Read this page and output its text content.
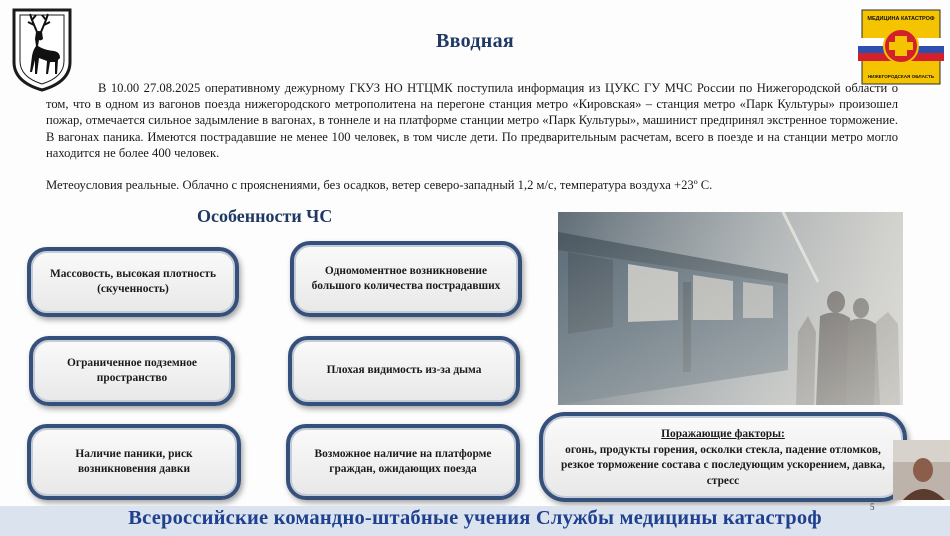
МЕДИЦИНА КАТАСТРОФ
НИЖЕГОРОДСКАЯ ОБЛАСТЬ
Вводная

В 10.00 27.08.2025 оперативному дежурному ГКУЗ НО НТЦМК поступила информация из ЦУКС ГУ МЧС России по Нижегородской области о том, что в одном из вагонов поезда нижегородского метрополитена на перегоне станция метро «Кировская» – станция метро «Парк Культуры» произошел пожар, отмечается сильное задымление в вагонах, в тоннеле и на платформе станции метро «Парк Культуры», машинист предпринял экстренное торможение. В вагонах паника. Имеются пострадавшие не менее 100 человек, в том числе дети. По предварительным расчетам, всего в поезде и на станции метро могло находится не более 400 человек.

Метеоусловия реальные. Облачно с прояснениями, без осадков, ветер северо-западный 1,2 м/с, температура воздуха +23º С.

Особенности ЧС
Массовость, высокая плотность (скученность)
Одномоментное возникновение большого количества пострадавших
Ограниченное подземное пространство
Плохая видимость из-за дыма
Наличие паники, риск возникновения давки
Возможное наличие на платформе граждан, ожидающих поезда
Поражающие факторы:
огонь, продукты горения, осколки стекла, падение отломков, резкое торможение состава с последующим ускорением, давка, стресс
Всероссийские командно-штабные учения Службы медицины катастроф	5
